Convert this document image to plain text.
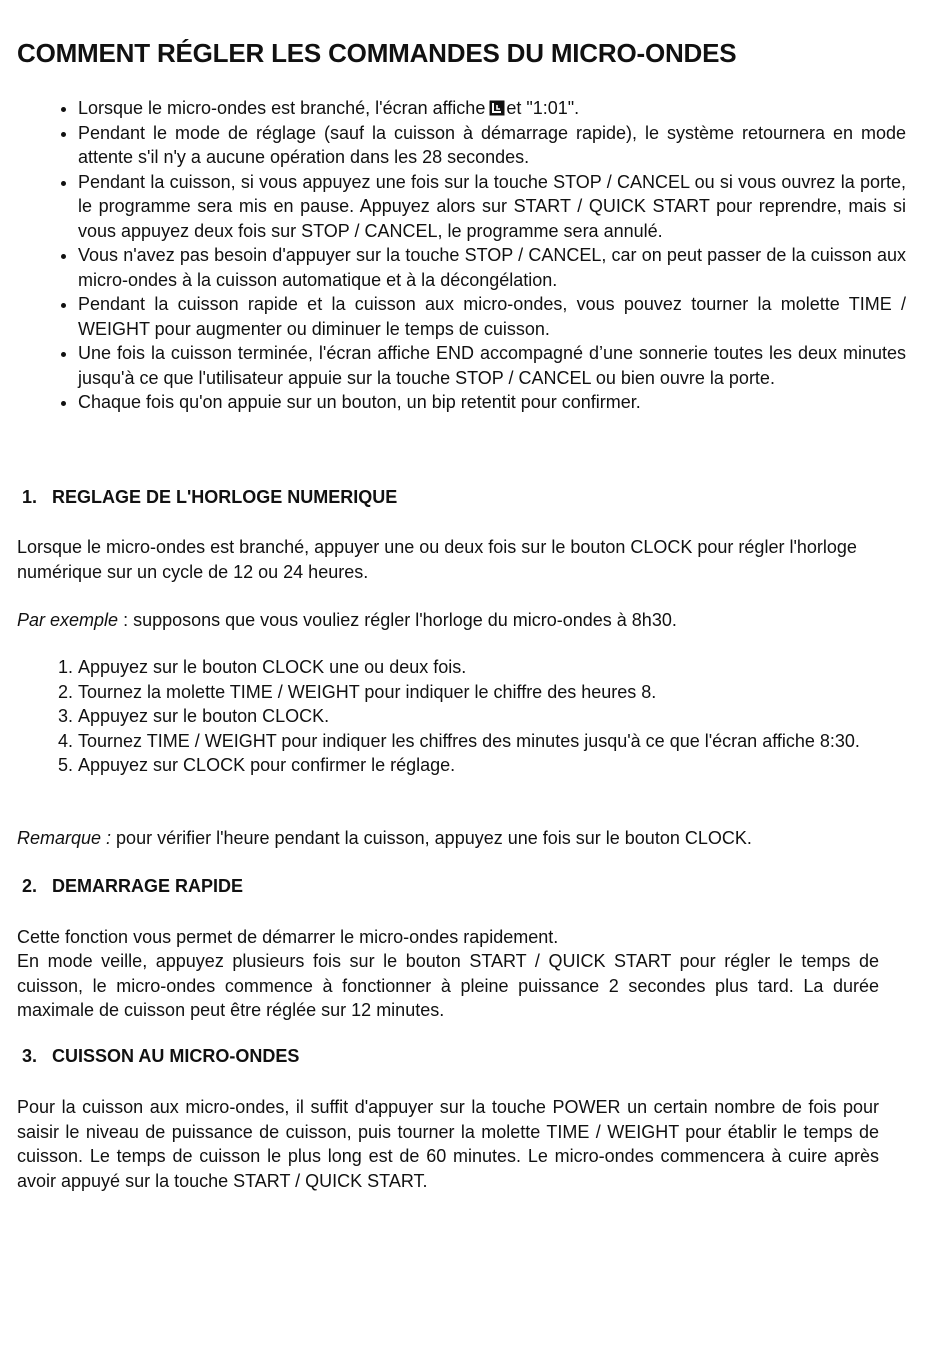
COMMENT RÉGLER LES COMMANDES DU MICRO-ONDES
• Lorsque le micro-ondes est branché, l'écran affiche et "1:01".
• Pendant le mode de réglage (sauf la cuisson à démarrage rapide), le système retournera en mode attente s'il n'y a aucune opération dans les 28 secondes.
• Pendant la cuisson, si vous appuyez une fois sur la touche STOP / CANCEL ou si vous ouvrez la porte, le programme sera mis en pause. Appuyez alors sur START / QUICK START pour reprendre, mais si vous appuyez deux fois sur STOP / CANCEL, le programme sera annulé.
• Vous n'avez pas besoin d'appuyer sur la touche STOP / CANCEL, car on peut passer de la cuisson aux micro-ondes à la cuisson automatique et à la décongélation.
• Pendant la cuisson rapide et la cuisson aux micro-ondes, vous pouvez tourner la molette TIME / WEIGHT pour augmenter ou diminuer le temps de cuisson.
• Une fois la cuisson terminée, l'écran affiche END accompagné d’une sonnerie toutes les deux minutes jusqu'à ce que l'utilisateur appuie sur la touche STOP / CANCEL ou bien ouvre la porte.
• Chaque fois qu'on appuie sur un bouton, un bip retentit pour confirmer.
1. REGLAGE DE L'HORLOGE NUMERIQUE

Lorsque le micro-ondes est branché, appuyer une ou deux fois sur le bouton CLOCK pour régler l'horloge numérique sur un cycle de 12 ou 24 heures.

Par exemple : supposons que vous vouliez régler l'horloge du micro-ondes à 8h30.

1. Appuyez sur le bouton CLOCK une ou deux fois.
2. Tournez la molette TIME / WEIGHT pour indiquer le chiffre des heures 8.
3. Appuyez sur le bouton CLOCK.
4. Tournez TIME / WEIGHT pour indiquer les chiffres des minutes jusqu'à ce que l'écran affiche 8:30.
5. Appuyez sur CLOCK pour confirmer le réglage.

Remarque : pour vérifier l'heure pendant la cuisson, appuyez une fois sur le bouton CLOCK.

2. DEMARRAGE RAPIDE

Cette fonction vous permet de démarrer le micro-ondes rapidement.

En mode veille, appuyez plusieurs fois sur le bouton START / QUICK START pour régler le temps de cuisson, le micro-ondes commence à fonctionner à pleine puissance 2 secondes plus tard. La durée maximale de cuisson peut être réglée sur 12 minutes.

3. CUISSON AU MICRO-ONDES

Pour la cuisson aux micro-ondes, il suffit d'appuyer sur la touche POWER un certain nombre de fois pour saisir le niveau de puissance de cuisson, puis tourner la molette TIME / WEIGHT pour établir le temps de cuisson. Le temps de cuisson le plus long est de 60 minutes. Le micro-ondes commencera à cuire après avoir appuyé sur la touche START / QUICK START.
